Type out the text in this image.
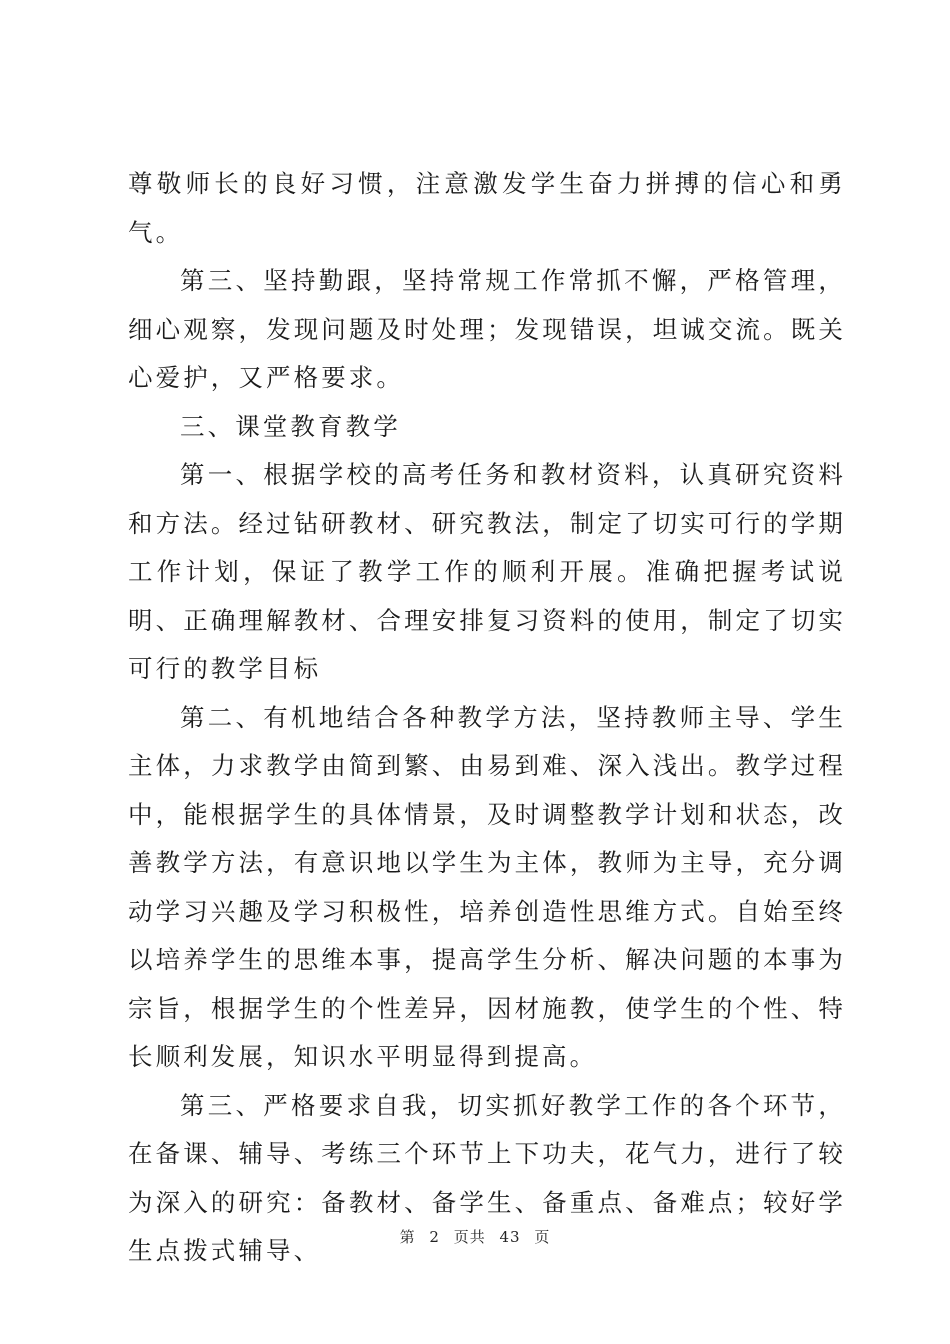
尊敬师长的良好习惯，注意激发学生奋力拼搏的信心和勇气。

第三、坚持勤跟，坚持常规工作常抓不懈，严格管理，细心观察，发现问题及时处理；发现错误，坦诚交流。既关心爱护，又严格要求。

三、课堂教育教学

第一、根据学校的高考任务和教材资料，认真研究资料和方法。经过钻研教材、研究教法，制定了切实可行的学期工作计划，保证了教学工作的顺利开展。准确把握考试说明、正确理解教材、合理安排复习资料的使用，制定了切实可行的教学目标

第二、有机地结合各种教学方法，坚持教师主导、学生主体，力求教学由简到繁、由易到难、深入浅出。教学过程中，能根据学生的具体情景，及时调整教学计划和状态，改善教学方法，有意识地以学生为主体，教师为主导，充分调动学习兴趣及学习积极性，培养创造性思维方式。自始至终以培养学生的思维本事，提高学生分析、解决问题的本事为宗旨，根据学生的个性差异，因材施教，使学生的个性、特长顺利发展，知识水平明显得到提高。

第三、严格要求自我，切实抓好教学工作的各个环节，在备课、辅导、考练三个环节上下功夫，花气力，进行了较为深入的研究：备教材、备学生、备重点、备难点；较好学生点拨式辅导、	第 2 页共 43 页
